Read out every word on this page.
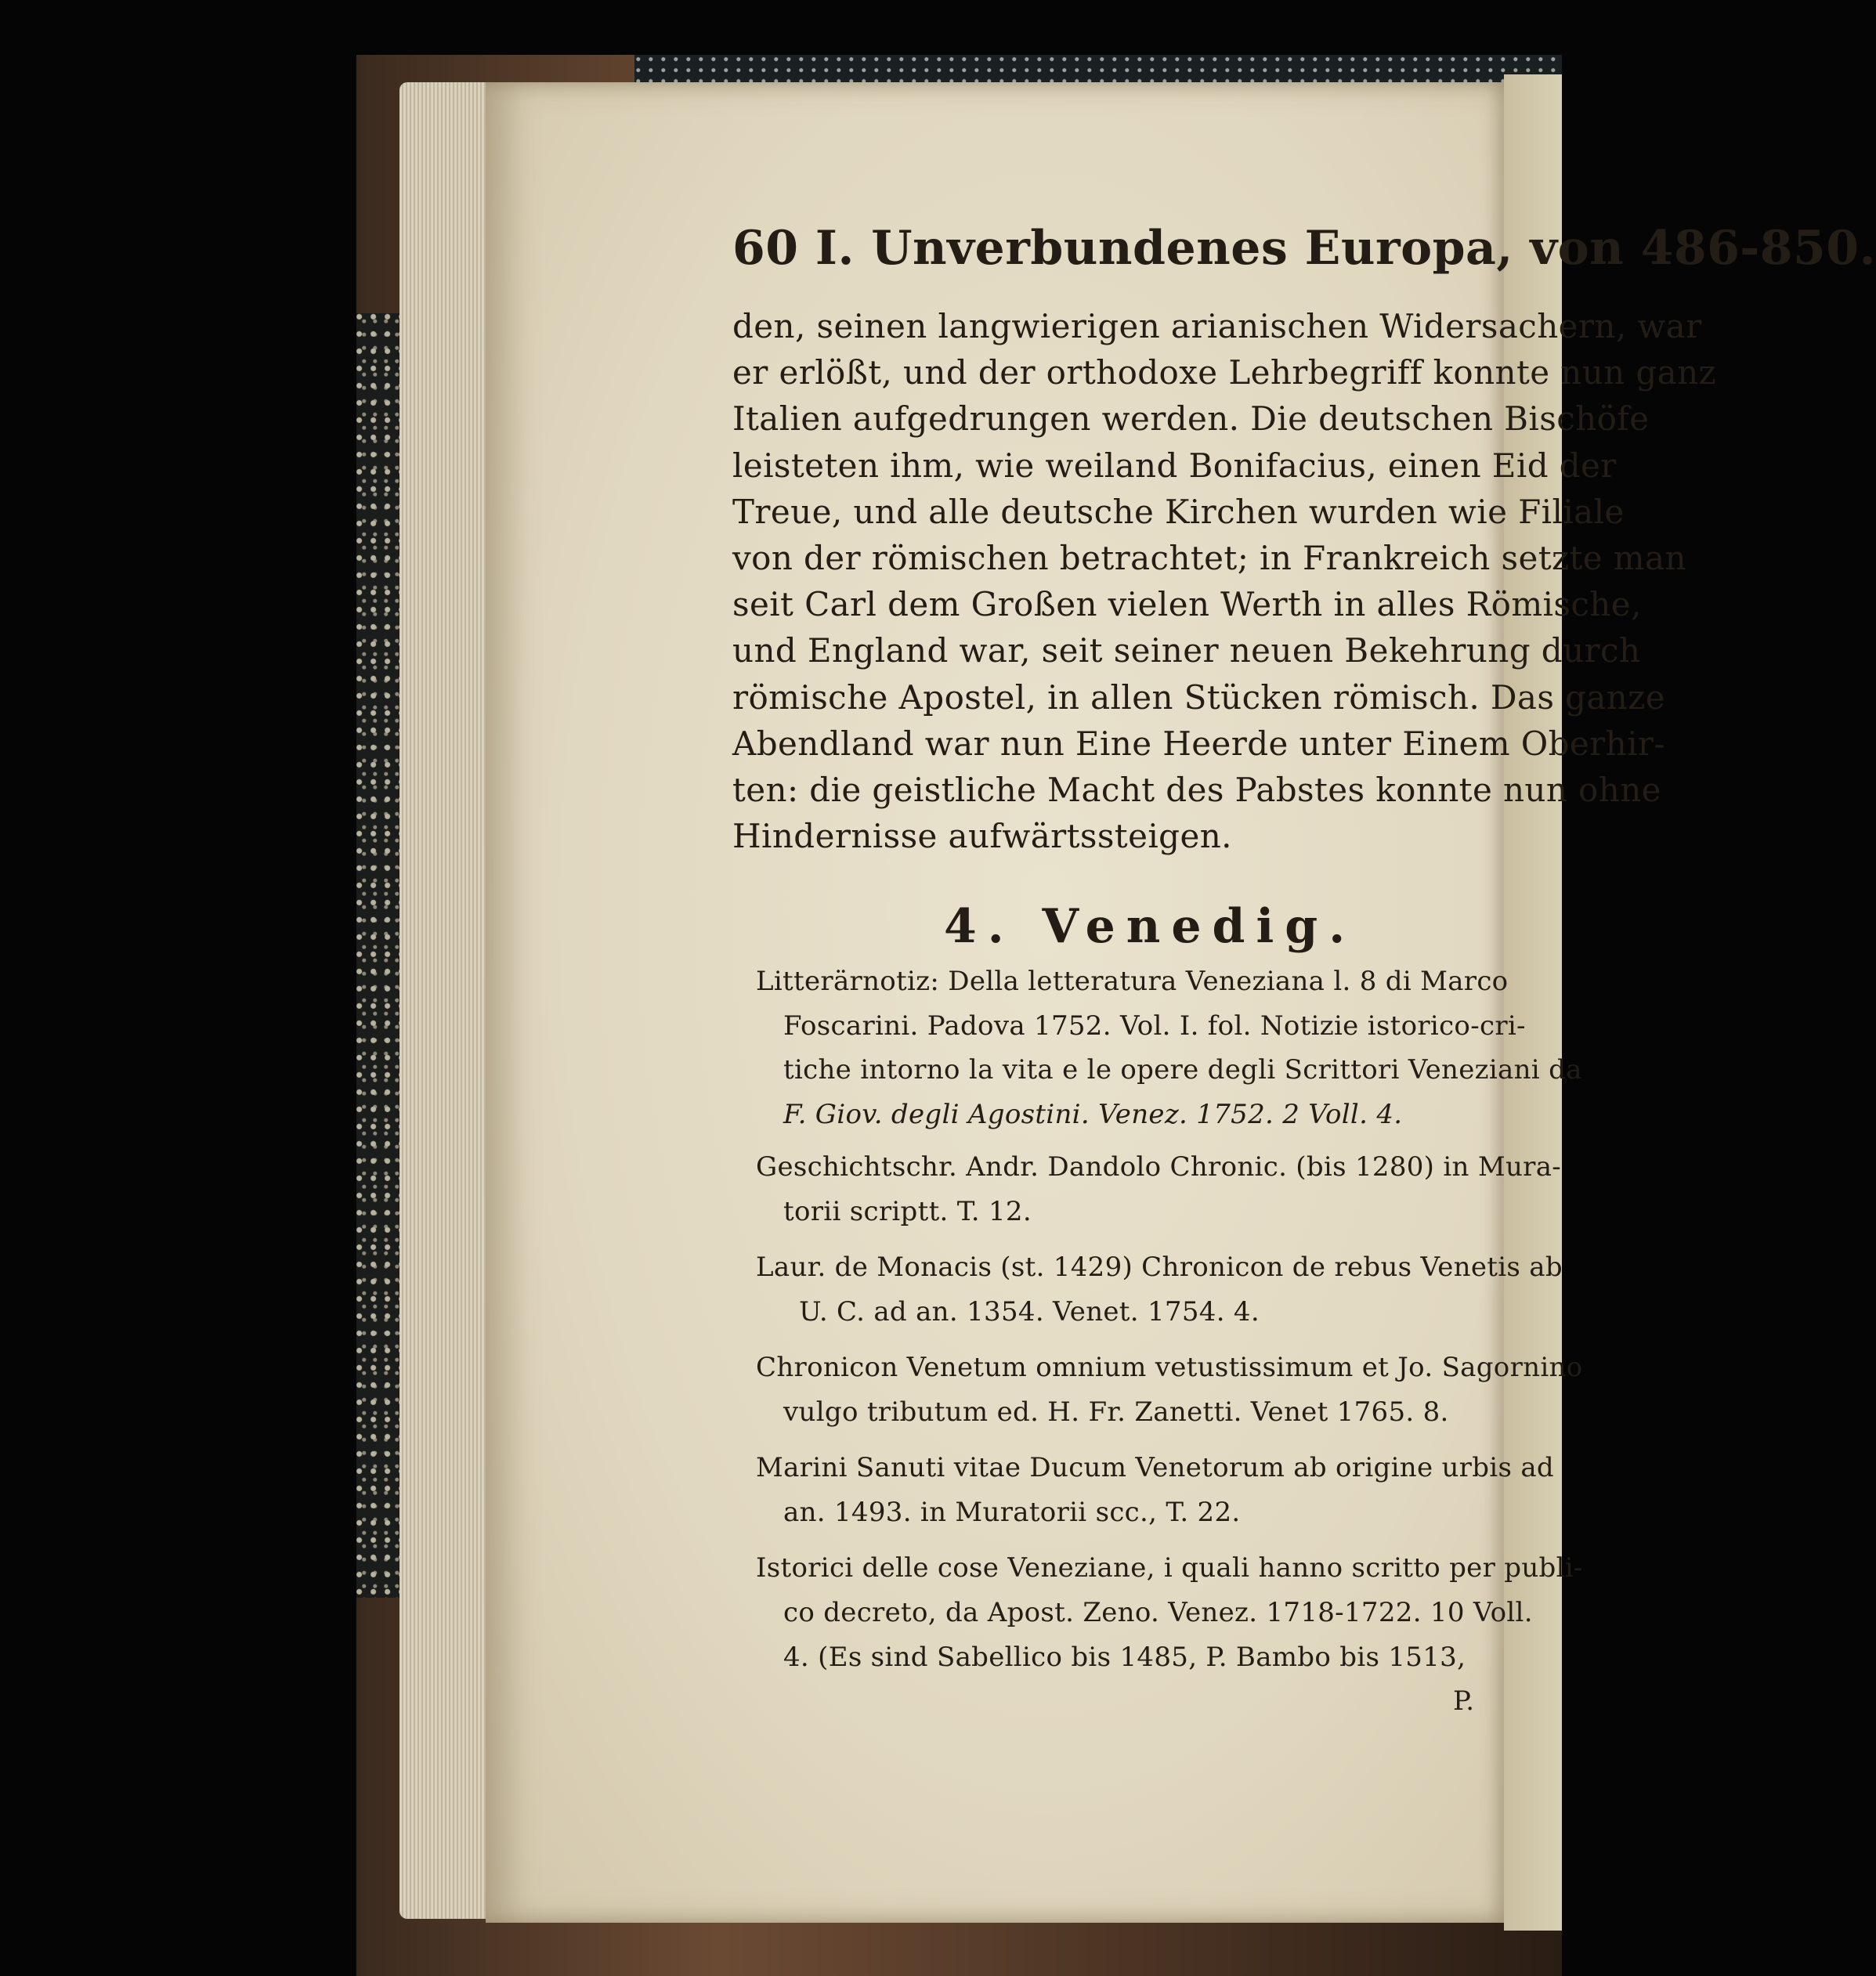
60 I. Unverbundenes Europa, von 486-850.
den, seinen langwierigen arianischen Widersachern, war
er erlößt, und der orthodoxe Lehrbegriff konnte nun ganz
Italien aufgedrungen werden. Die deutschen Bischöfe
leisteten ihm, wie weiland Bonifacius, einen Eid der
Treue, und alle deutsche Kirchen wurden wie Filiale
von der römischen betrachtet; in Frankreich setzte man
seit Carl dem Großen vielen Werth in alles Römische,
und England war, seit seiner neuen Bekehrung durch
römische Apostel, in allen Stücken römisch. Das ganze
Abendland war nun Eine Heerde unter Einem Oberhir-
ten: die geistliche Macht des Pabstes konnte nun ohne
Hindernisse aufwärtssteigen.
4. Venedig.
Litterärnotiz: Della letteratura Veneziana l. 8 di Marco
Foscarini. Padova 1752. Vol. I. fol. Notizie istorico-cri-
tiche intorno la vita e le opere degli Scrittori Veneziani da
F. Giov. degli Agostini. Venez. 1752. 2 Voll. 4.
Geschichtschr. Andr. Dandolo Chronic. (bis 1280) in Mura-
torii scriptt. T. 12.
Laur. de Monacis (st. 1429) Chronicon de rebus Venetis ab
U. C. ad an. 1354. Venet. 1754. 4.
Chronicon Venetum omnium vetustissimum et Jo. Sagornino
vulgo tributum ed. H. Fr. Zanetti. Venet 1765. 8.
Marini Sanuti vitae Ducum Venetorum ab origine urbis ad
an. 1493. in Muratorii scc., T. 22.
Istorici delle cose Veneziane, i quali hanno scritto per publi-
co decreto, da Apost. Zeno. Venez. 1718-1722. 10 Voll.
4. (Es sind Sabellico bis 1485, P. Bambo bis 1513,
P.
